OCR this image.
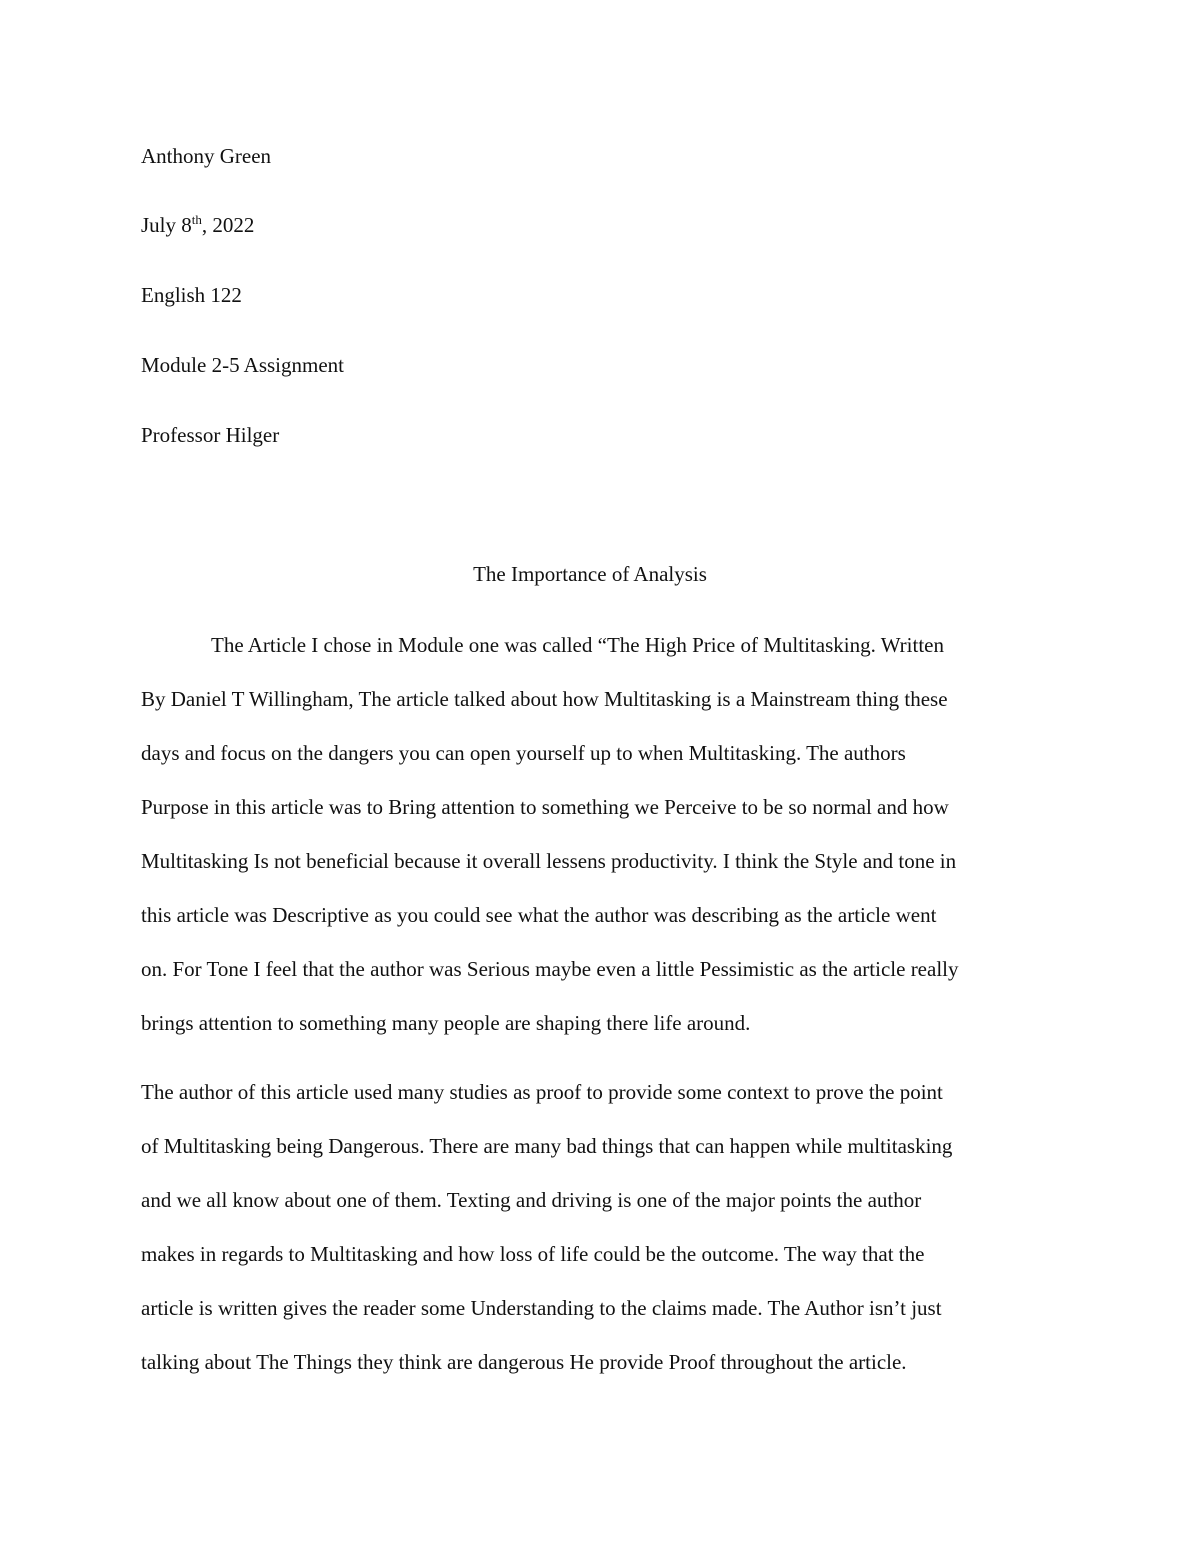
Anthony Green
July 8th, 2022
English 122
Module 2-5 Assignment
Professor Hilger
The Importance of Analysis
The Article I chose in Module one was called “The High Price of Multitasking. Written
By Daniel T Willingham, The article talked about how Multitasking is a Mainstream thing these
days and focus on the dangers you can open yourself up to when Multitasking. The authors
Purpose in this article was to Bring attention to something we Perceive to be so normal and how
Multitasking Is not beneficial because it overall lessens productivity. I think the Style and tone in
this article was Descriptive as you could see what the author was describing as the article went
on. For Tone I feel that the author was Serious maybe even a little Pessimistic as the article really
brings attention to something many people are shaping there life around.
The author of this article used many studies as proof to provide some context to prove the point
of Multitasking being Dangerous. There are many bad things that can happen while multitasking
and we all know about one of them. Texting and driving is one of the major points the author
makes in regards to Multitasking and how loss of life could be the outcome. The way that the
article is written gives the reader some Understanding to the claims made. The Author isn’t just
talking about The Things they think are dangerous He provide Proof throughout the article.
